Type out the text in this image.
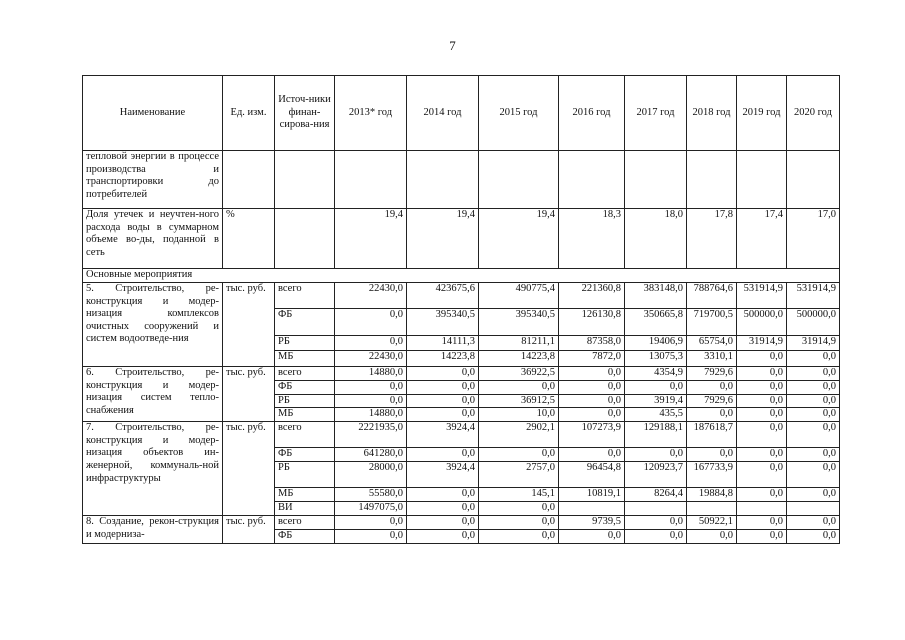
7
Наименование	Ед. изм.	Источ-ники финан-сирова-ния	2013* год	2014 год	2015 год	2016 год	2017 год	2018 год	2019 год	2020 год
тепловой энергии в процессе производства и транспортировки до потребителей										
Доля утечек и неучтен-ного расхода воды в суммарном объеме во-ды, поданной в сеть	%		19,4	19,4	19,4	18,3	18,0	17,8	17,4	17,0
Основные мероприятия										
5. Строительство, ре-конструкция и модер-низация комплексов очистных сооружений и систем водоотведе-ния	тыс. руб.	всего	22430,0	423675,6	490775,4	221360,8	383148,0	788764,6	531914,9	531914,9
		ФБ	0,0	395340,5	395340,5	126130,8	350665,8	719700,5	500000,0	500000,0
		РБ	0,0	14111,3	81211,1	87358,0	19406,9	65754,0	31914,9	31914,9
		МБ	22430,0	14223,8	14223,8	7872,0	13075,3	3310,1	0,0	0,0
6. Строительство, ре-конструкция и модер-низация систем тепло-снабжения	тыс. руб.	всего	14880,0	0,0	36922,5	0,0	4354,9	7929,6	0,0	0,0
		ФБ	0,0	0,0	0,0	0,0	0,0	0,0	0,0	0,0
		РБ	0,0	0,0	36912,5	0,0	3919,4	7929,6	0,0	0,0
		МБ	14880,0	0,0	10,0	0,0	435,5	0,0	0,0	0,0
7. Строительство, ре-конструкция и модер-низация объектов ин-женерной, коммуналь-ной инфраструктуры	тыс. руб.	всего	2221935,0	3924,4	2902,1	107273,9	129188,1	187618,7	0,0	0,0
		ФБ	641280,0	0,0	0,0	0,0	0,0	0,0	0,0	0,0
		РБ	28000,0	3924,4	2757,0	96454,8	120923,7	167733,9	0,0	0,0
		МБ	55580,0	0,0	145,1	10819,1	8264,4	19884,8	0,0	0,0
		ВИ	1497075,0	0,0	0,0					
8. Создание, рекон-струкция и модерниза-	тыс. руб.	всего	0,0	0,0	0,0	9739,5	0,0	50922,1	0,0	0,0
		ФБ	0,0	0,0	0,0	0,0	0,0	0,0	0,0	0,0
